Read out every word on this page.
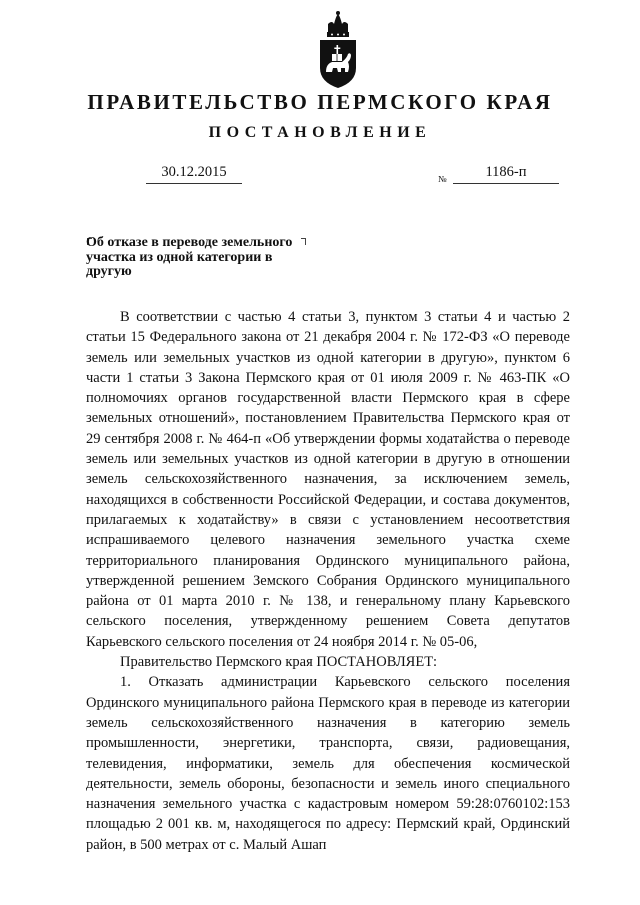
ПРАВИТЕЛЬСТВО ПЕРМСКОГО КРАЯ
ПОСТАНОВЛЕНИЕ
30.12.2015	№	1186-п
Об отказе в переводе земельного участка из одной категории в другую

В соответствии с частью 4 статьи 3, пунктом 3 статьи 4 и частью 2 статьи 15 Федерального закона от 21 декабря 2004 г. № 172-ФЗ «О переводе земель или земельных участков из одной категории в другую», пунктом 6 части 1 статьи 3 Закона Пермского края от 01 июля 2009 г. № 463-ПК «О полномочиях органов государственной власти Пермского края в сфере земельных отношений», постановлением Правительства Пермского края от 29 сентября 2008 г. № 464-п «Об утверждении формы ходатайства о переводе земель или земельных участков из одной категории в другую в отношении земель сельскохозяйственного назначения, за исключением земель, находящихся в собственности Российской Федерации, и состава документов, прилагаемых к ходатайству» в связи с установлением несоответствия испрашиваемого целевого назначения земельного участка схеме территориального планирования Ординского муниципального района, утвержденной решением Земского Собрания Ординского муниципального района от 01 марта 2010 г. № 138, и генеральному плану Карьевского сельского поселения, утвержденному решением Совета депутатов Карьевского сельского поселения от 24 ноября 2014 г. № 05-06,

Правительство Пермского края ПОСТАНОВЛЯЕТ:

1. Отказать администрации Карьевского сельского поселения Ординского муниципального района Пермского края в переводе из категории земель сельскохозяйственного назначения в категорию земель промышленности, энергетики, транспорта, связи, радиовещания, телевидения, информатики, земель для обеспечения космической деятельности, земель обороны, безопасности и земель иного специального назначения земельного участка с кадастровым номером 59:28:0760102:153 площадью 2 001 кв. м, находящегося по адресу: Пермский край, Ординский район, в 500 метрах от с. Малый Ашап
